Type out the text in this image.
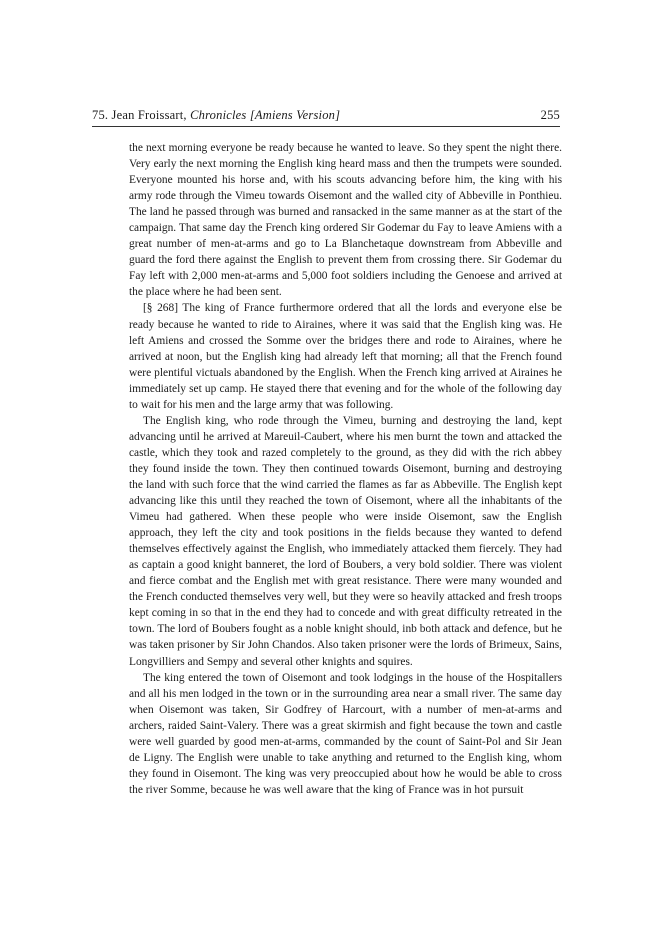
75. Jean Froissart, Chronicles [Amiens Version]	255

the next morning everyone be ready because he wanted to leave. So they spent the night there. Very early the next morning the English king heard mass and then the trumpets were sounded. Everyone mounted his horse and, with his scouts advancing before him, the king with his army rode through the Vimeu towards Oisemont and the walled city of Abbeville in Ponthieu. The land he passed through was burned and ransacked in the same manner as at the start of the campaign. That same day the French king ordered Sir Godemar du Fay to leave Amiens with a great number of men-at-arms and go to La Blanchetaque downstream from Abbeville and guard the ford there against the English to prevent them from crossing there. Sir Godemar du Fay left with 2,000 men-at-arms and 5,000 foot soldiers including the Genoese and arrived at the place where he had been sent.

[§ 268] The king of France furthermore ordered that all the lords and everyone else be ready because he wanted to ride to Airaines, where it was said that the English king was. He left Amiens and crossed the Somme over the bridges there and rode to Airaines, where he arrived at noon, but the English king had already left that morning; all that the French found were plentiful victuals abandoned by the English. When the French king arrived at Airaines he immediately set up camp. He stayed there that evening and for the whole of the following day to wait for his men and the large army that was following.

The English king, who rode through the Vimeu, burning and destroying the land, kept advancing until he arrived at Mareuil-Caubert, where his men burnt the town and attacked the castle, which they took and razed completely to the ground, as they did with the rich abbey they found inside the town. They then continued towards Oisemont, burning and destroying the land with such force that the wind carried the flames as far as Abbeville. The English kept advancing like this until they reached the town of Oisemont, where all the inhabitants of the Vimeu had gathered. When these people who were inside Oisemont, saw the English approach, they left the city and took positions in the fields because they wanted to defend themselves effectively against the English, who immediately attacked them fiercely. They had as captain a good knight banneret, the lord of Boubers, a very bold soldier. There was violent and fierce combat and the English met with great resistance. There were many wounded and the French conducted themselves very well, but they were so heavily attacked and fresh troops kept coming in so that in the end they had to concede and with great difficulty retreated in the town. The lord of Boubers fought as a noble knight should, inb both attack and defence, but he was taken prisoner by Sir John Chandos. Also taken prisoner were the lords of Brimeux, Sains, Longvilliers and Sempy and several other knights and squires.

The king entered the town of Oisemont and took lodgings in the house of the Hospitallers and all his men lodged in the town or in the surrounding area near a small river. The same day when Oisemont was taken, Sir Godfrey of Harcourt, with a number of men-at-arms and archers, raided Saint-Valery. There was a great skirmish and fight because the town and castle were well guarded by good men-at-arms, commanded by the count of Saint-Pol and Sir Jean de Ligny. The English were unable to take anything and returned to the English king, whom they found in Oisemont. The king was very preoccupied about how he would be able to cross the river Somme, because he was well aware that the king of France was in hot pursuit
